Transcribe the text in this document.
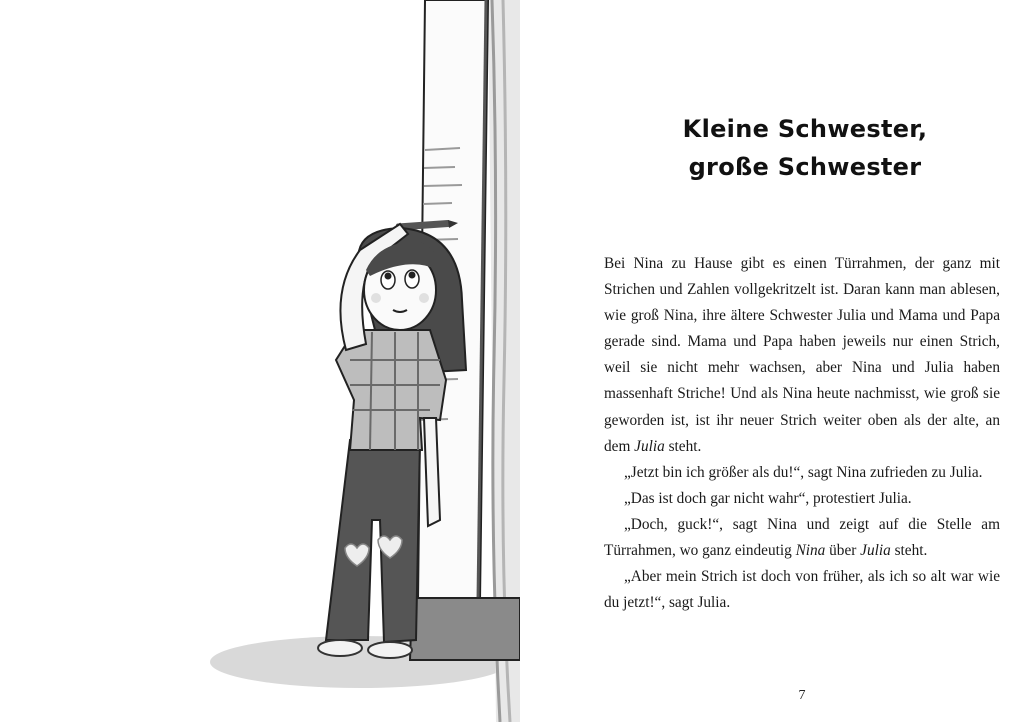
Kleine Schwester,
große Schwester

Bei Nina zu Hause gibt es einen Türrahmen, der ganz mit Strichen und Zahlen vollgekritzelt ist. Daran kann man ablesen, wie groß Nina, ihre ältere Schwester Julia und Mama und Papa gerade sind. Mama und Papa haben jeweils nur einen Strich, weil sie nicht mehr wachsen, aber Nina und Julia haben massenhaft Striche! Und als Nina heute nachmisst, wie groß sie geworden ist, ist ihr neuer Strich weiter oben als der alte, an dem Julia steht.

„Jetzt bin ich größer als du!“, sagt Nina zufrieden zu Julia.

„Das ist doch gar nicht wahr“, protestiert Julia.

„Doch, guck!“, sagt Nina und zeigt auf die Stelle am Türrahmen, wo ganz eindeutig Nina über Julia steht.

„Aber mein Strich ist doch von früher, als ich so alt war wie du jetzt!“, sagt Julia.

7
